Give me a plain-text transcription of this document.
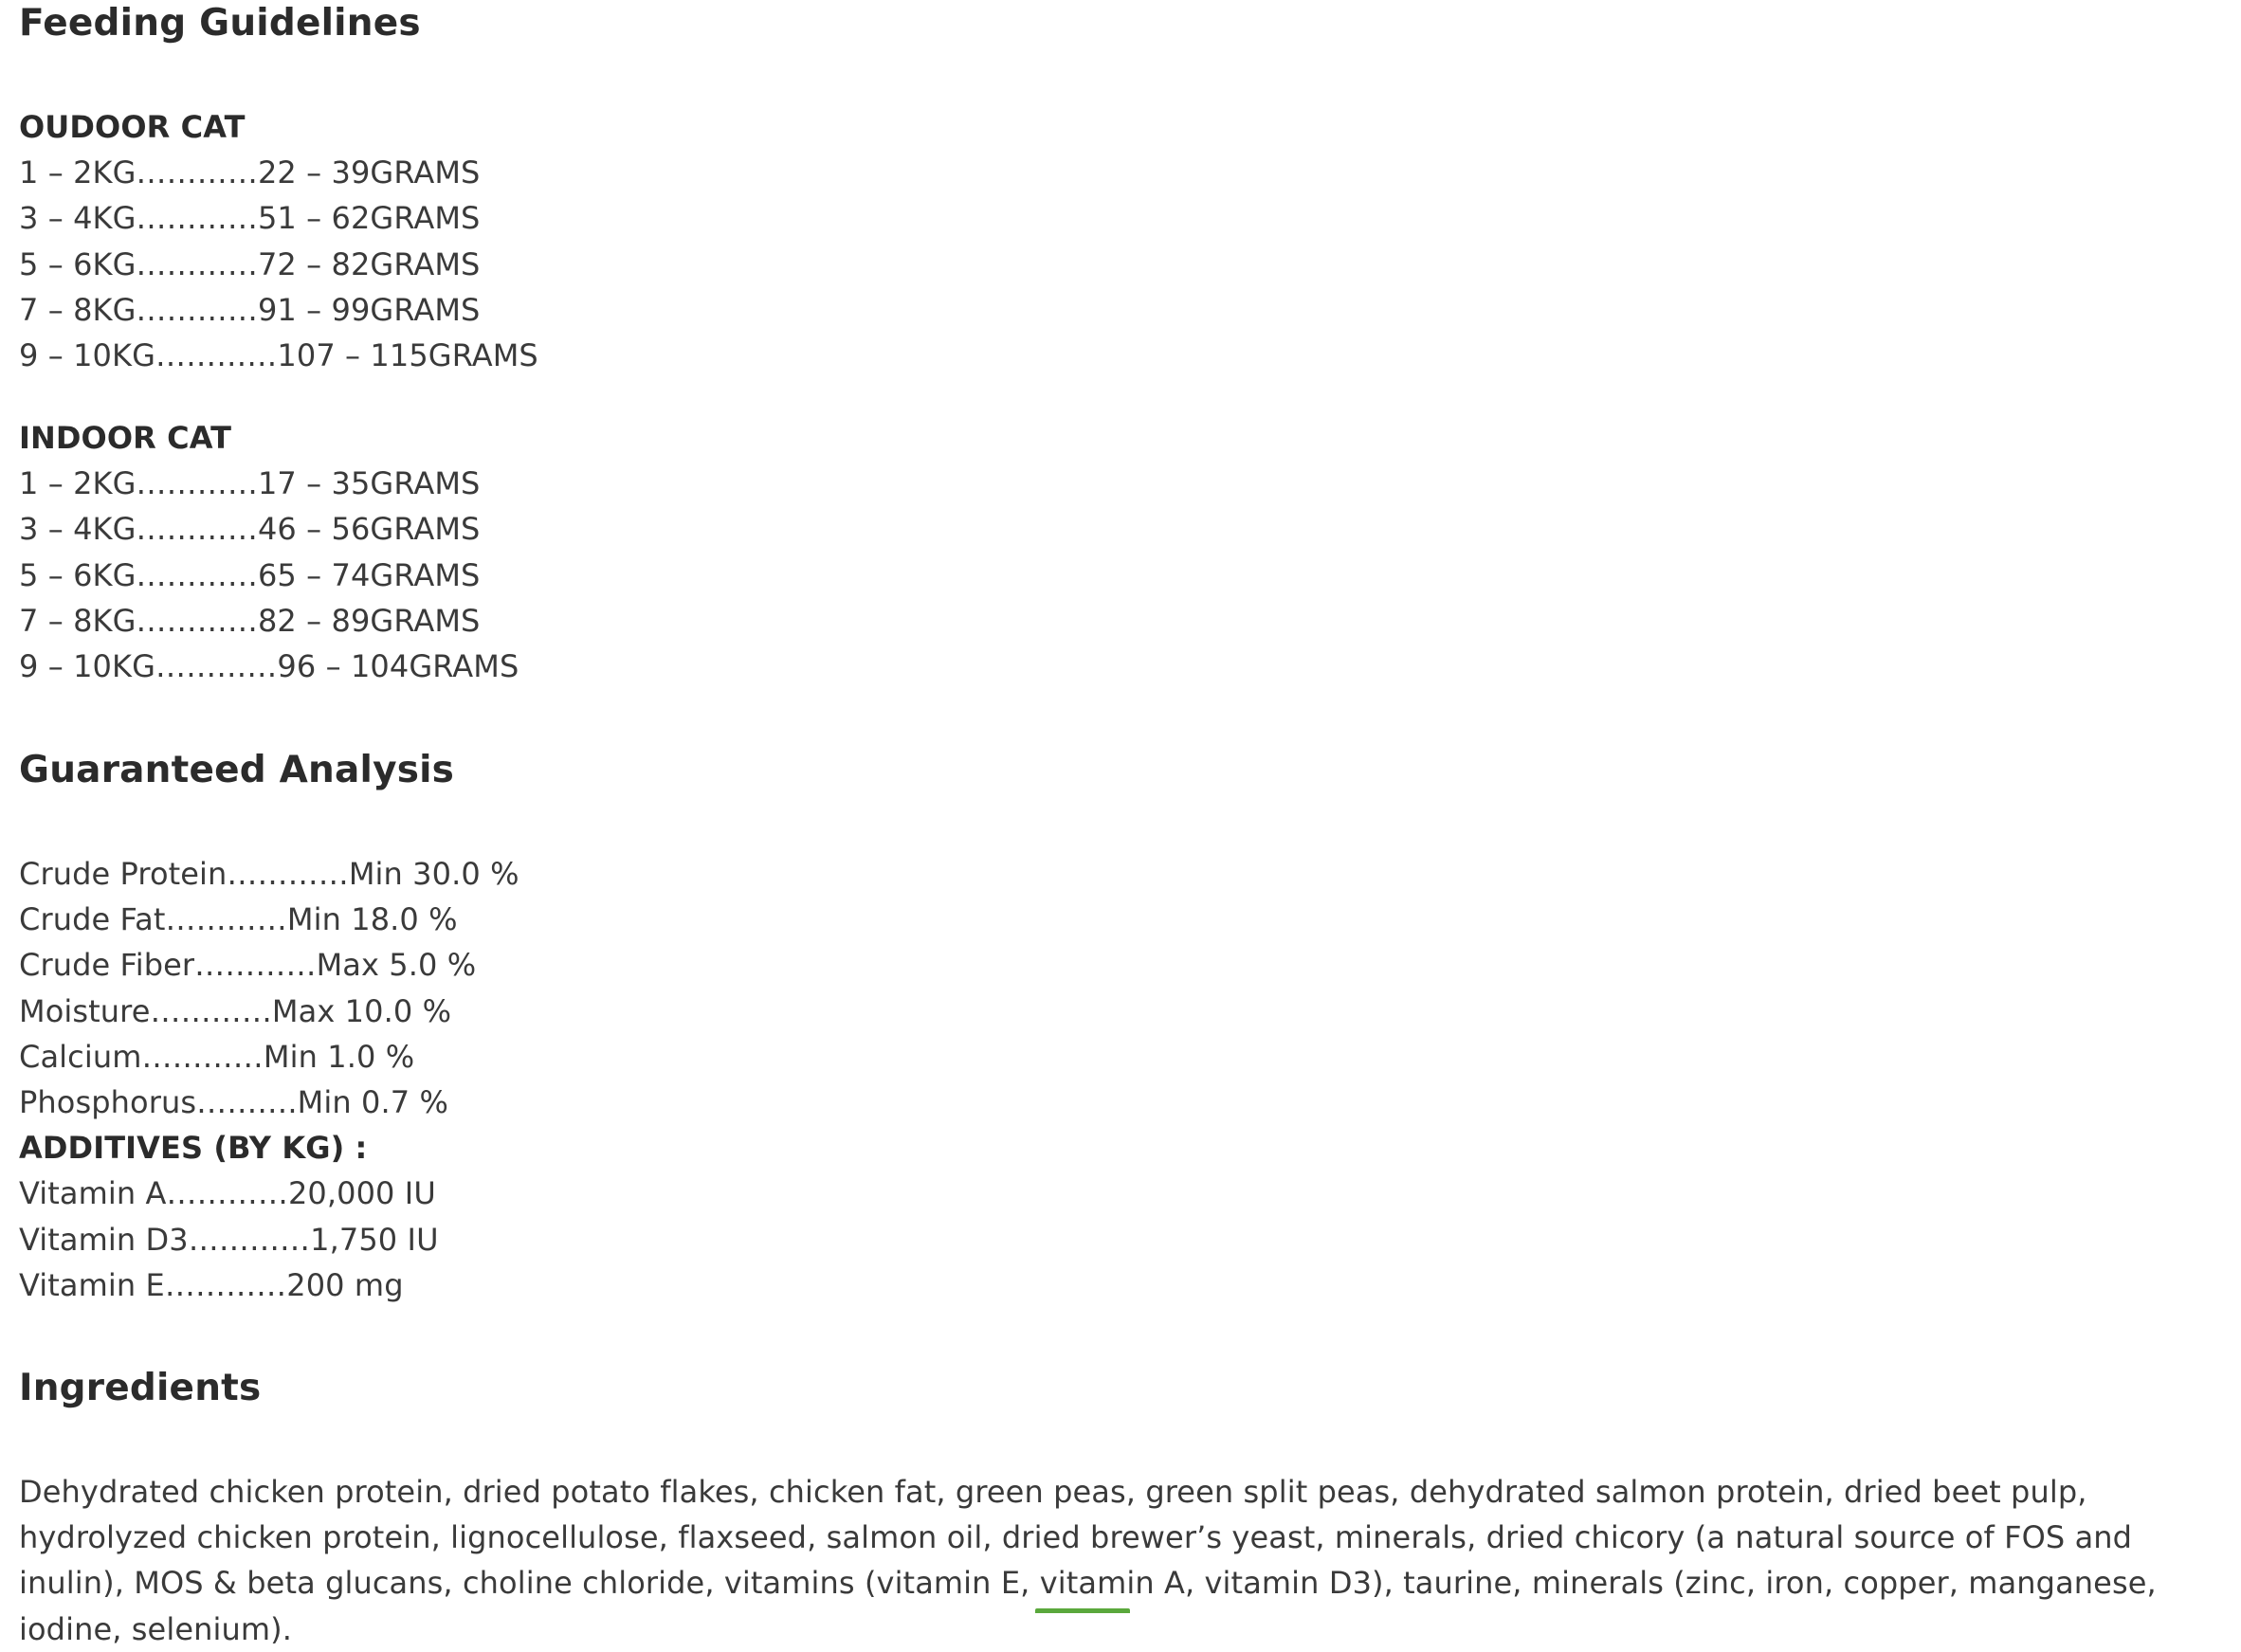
Feeding Guidelines
OUDOOR CAT
1 – 2KG…………22 – 39GRAMS
3 – 4KG…………51 – 62GRAMS
5 – 6KG…………72 – 82GRAMS
7 – 8KG…………91 – 99GRAMS
9 – 10KG…………107 – 115GRAMS
INDOOR CAT
1 – 2KG…………17 – 35GRAMS
3 – 4KG…………46 – 56GRAMS
5 – 6KG…………65 – 74GRAMS
7 – 8KG…………82 – 89GRAMS
9 – 10KG…………96 – 104GRAMS
Guaranteed Analysis
Crude Protein…………Min 30.0 %
Crude Fat…………Min 18.0 %
Crude Fiber…………Max 5.0 %
Moisture…………Max 10.0 %
Calcium…………Min 1.0 %
Phosphorus……….Min 0.7 %
ADDITIVES (BY KG) :
Vitamin A…………20,000 IU
Vitamin D3…………1,750 IU
Vitamin E…………200 mg
Ingredients
Dehydrated chicken protein, dried potato flakes, chicken fat, green peas, green split peas, dehydrated salmon protein, dried beet pulp, hydrolyzed chicken protein, lignocellulose, flaxseed, salmon oil, dried brewer’s yeast, minerals, dried chicory (a natural source of FOS and inulin), MOS & beta glucans, choline chloride, vitamins (vitamin E, vitamin A, vitamin D3), taurine, minerals (zinc, iron, copper, manganese, iodine, selenium).
